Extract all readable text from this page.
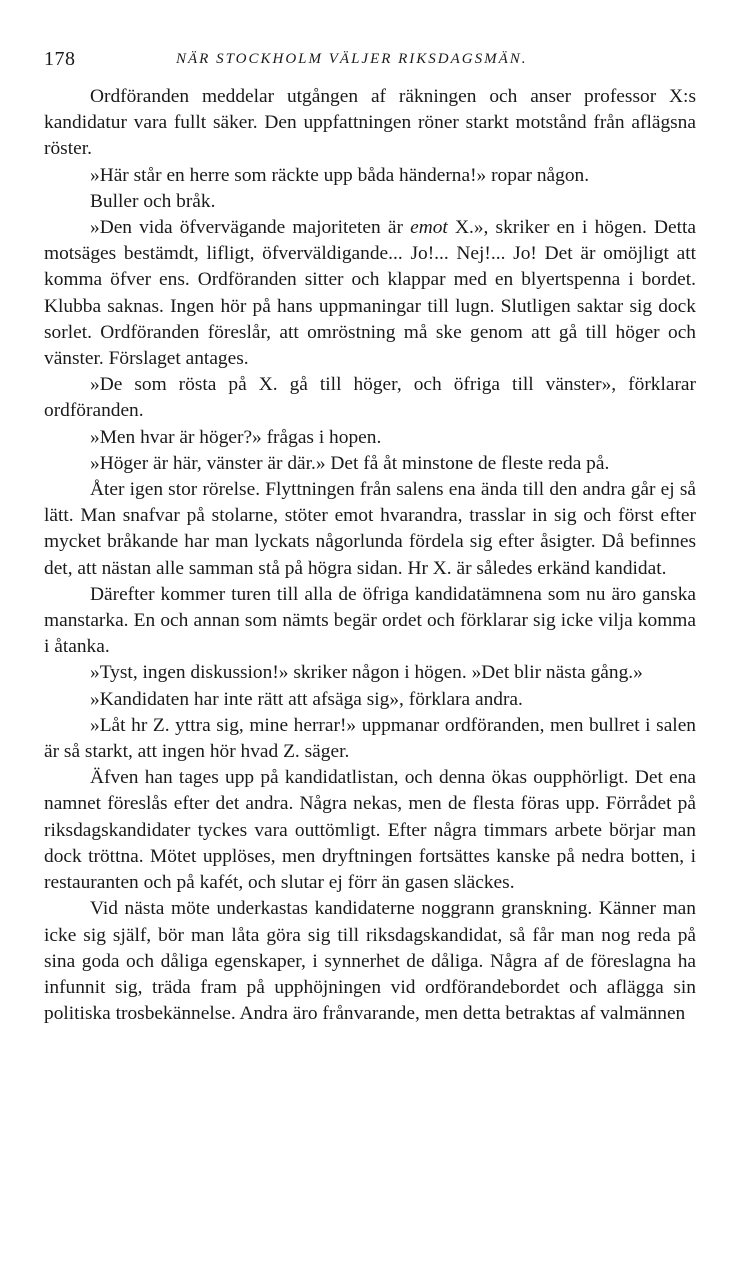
178	NÄR STOCKHOLM VÄLJER RIKSDAGSMÄN.

Ordföranden meddelar utgången af räkningen och anser professor X:s kandidatur vara fullt säker. Den uppfattningen röner starkt motstånd från aflägsna röster.

»Här står en herre som räckte upp båda händerna!» ropar någon.

Buller och bråk.

»Den vida öfvervägande majoriteten är emot X.», skriker en i högen. Detta motsäges bestämdt, lifligt, öfverväldigande... Jo!... Nej!... Jo! Det är omöjligt att komma öfver ens. Ordföranden sitter och klappar med en blyertspenna i bordet. Klubba saknas. Ingen hör på hans uppmaningar till lugn. Slutligen saktar sig dock sorlet. Ordföranden föreslår, att omröstning må ske genom att gå till höger och vänster. Förslaget antages.

»De som rösta på X. gå till höger, och öfriga till vänster», förklarar ordföranden.

»Men hvar är höger?» frågas i hopen.

»Höger är här, vänster är där.» Det få åt minstone de fleste reda på.

Åter igen stor rörelse. Flyttningen från salens ena ända till den andra går ej så lätt. Man snafvar på stolarne, stöter emot hvarandra, trasslar in sig och först efter mycket bråkande har man lyckats någorlunda fördela sig efter åsigter. Då befinnes det, att nästan alle samman stå på högra sidan. Hr X. är således erkänd kandidat.

Därefter kommer turen till alla de öfriga kandidatämnena som nu äro ganska manstarka. En och annan som nämts begär ordet och förklarar sig icke vilja komma i åtanka.

»Tyst, ingen diskussion!» skriker någon i högen. »Det blir nästa gång.»

»Kandidaten har inte rätt att afsäga sig», förklara andra.

»Låt hr Z. yttra sig, mine herrar!» uppmanar ordföranden, men bullret i salen är så starkt, att ingen hör hvad Z. säger.

Äfven han tages upp på kandidatlistan, och denna ökas oupphörligt. Det ena namnet föreslås efter det andra. Några nekas, men de flesta föras upp. Förrådet på riksdagskandidater tyckes vara outtömligt. Efter några timmars arbete börjar man dock tröttna. Mötet upplöses, men dryftningen fortsättes kanske på nedra botten, i restauranten och på kafét, och slutar ej förr än gasen släckes.

Vid nästa möte underkastas kandidaterne noggrann granskning. Känner man icke sig själf, bör man låta göra sig till riksdagskandidat, så får man nog reda på sina goda och dåliga egenskaper, i synnerhet de dåliga. Några af de föreslagna ha infunnit sig, träda fram på upphöjningen vid ordförandebordet och aflägga sin politiska trosbekännelse. Andra äro frånvarande, men detta betraktas af valmännen
